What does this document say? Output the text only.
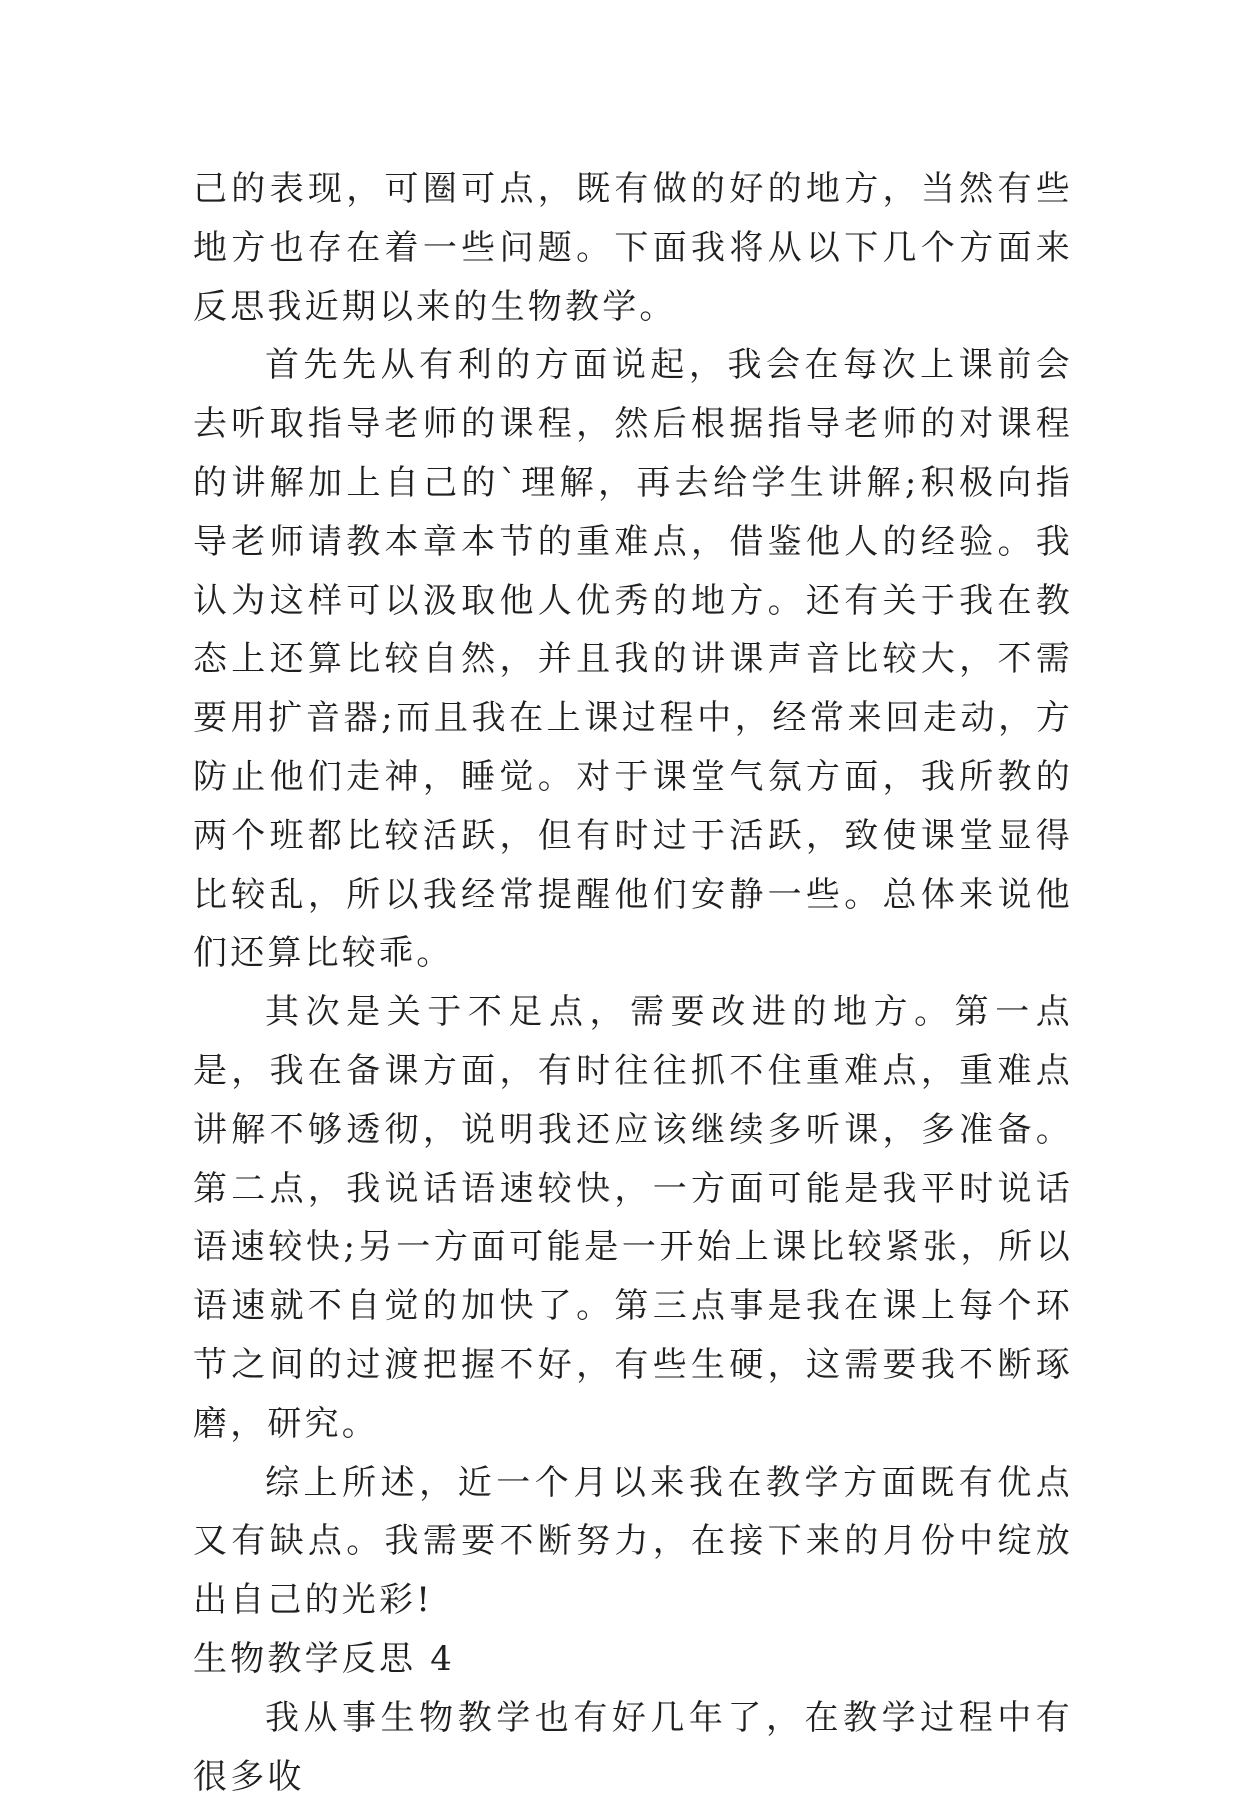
己的表现，可圈可点，既有做的好的地方，当然有些地方也存在着一些问题。下面我将从以下几个方面来反思我近期以来的生物教学。

首先先从有利的方面说起，我会在每次上课前会去听取指导老师的课程，然后根据指导老师的对课程的讲解加上自己的`理解，再去给学生讲解;积极向指导老师请教本章本节的重难点，借鉴他人的经验。我认为这样可以汲取他人优秀的地方。还有关于我在教态上还算比较自然，并且我的讲课声音比较大，不需要用扩音器;而且我在上课过程中，经常来回走动，方防止他们走神，睡觉。对于课堂气氛方面，我所教的两个班都比较活跃，但有时过于活跃，致使课堂显得比较乱，所以我经常提醒他们安静一些。总体来说他们还算比较乖。

其次是关于不足点，需要改进的地方。第一点是，我在备课方面，有时往往抓不住重难点，重难点讲解不够透彻，说明我还应该继续多听课，多准备。第二点，我说话语速较快，一方面可能是我平时说话语速较快;另一方面可能是一开始上课比较紧张，所以语速就不自觉的加快了。第三点事是我在课上每个环节之间的过渡把握不好，有些生硬，这需要我不断琢磨，研究。

综上所述，近一个月以来我在教学方面既有优点又有缺点。我需要不断努力，在接下来的月份中绽放出自己的光彩!

生物教学反思 4

我从事生物教学也有好几年了，在教学过程中有很多收
